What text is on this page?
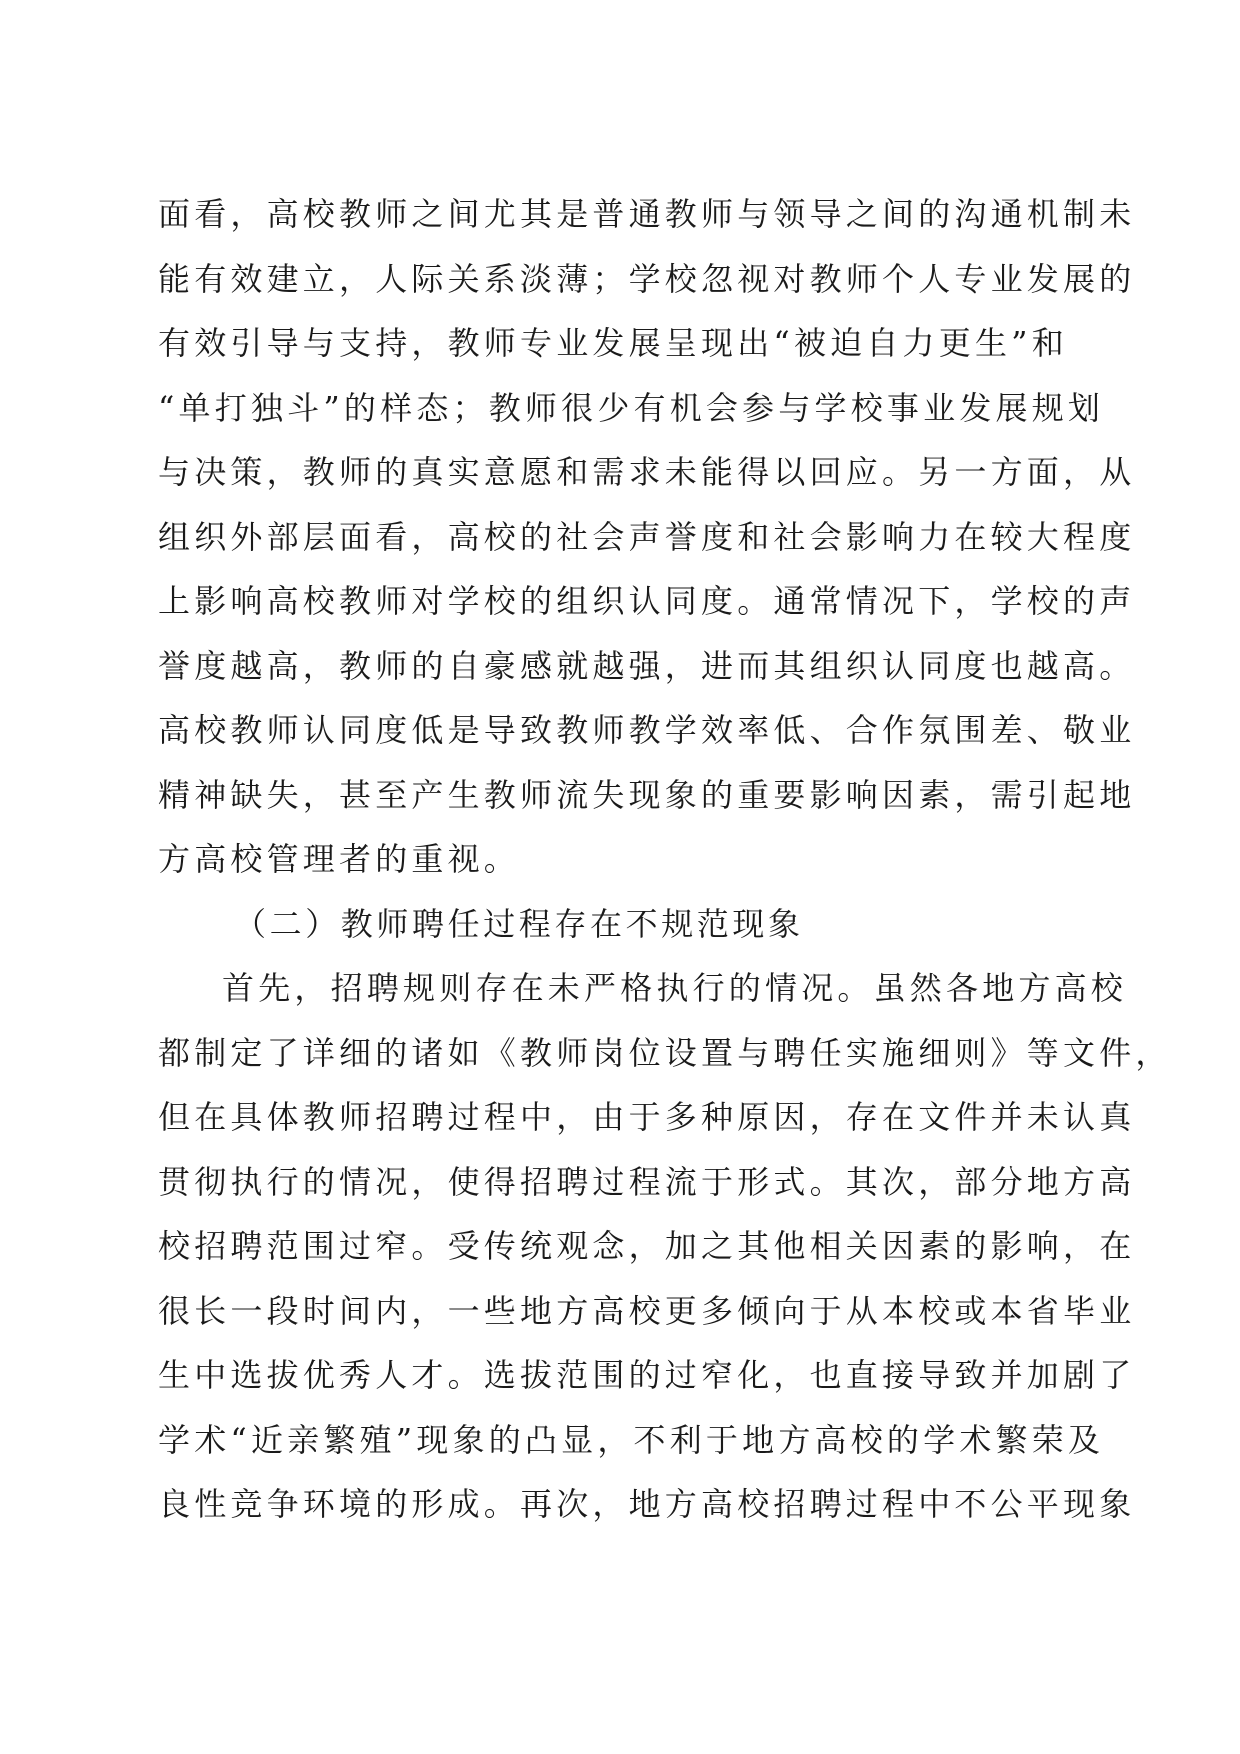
面看，高校教师之间尤其是普通教师与领导之间的沟通机制未
能有效建立，人际关系淡薄；学校忽视对教师个人专业发展的
有效引导与支持，教师专业发展呈现出“被迫自力更生”和
“单打独斗”的样态；教师很少有机会参与学校事业发展规划
与决策，教师的真实意愿和需求未能得以回应。另一方面，从
组织外部层面看，高校的社会声誉度和社会影响力在较大程度
上影响高校教师对学校的组织认同度。通常情况下，学校的声
誉度越高，教师的自豪感就越强，进而其组织认同度也越高。
高校教师认同度低是导致教师教学效率低、合作氛围差、敬业
精神缺失，甚至产生教师流失现象的重要影响因素，需引起地
方高校管理者的重视。
（二）教师聘任过程存在不规范现象
首先，招聘规则存在未严格执行的情况。虽然各地方高校
都制定了详细的诸如《教师岗位设置与聘任实施细则》等文件，
但在具体教师招聘过程中，由于多种原因，存在文件并未认真
贯彻执行的情况，使得招聘过程流于形式。其次，部分地方高
校招聘范围过窄。受传统观念，加之其他相关因素的影响，在
很长一段时间内，一些地方高校更多倾向于从本校或本省毕业
生中选拔优秀人才。选拔范围的过窄化，也直接导致并加剧了
学术“近亲繁殖”现象的凸显，不利于地方高校的学术繁荣及
良性竞争环境的形成。再次，地方高校招聘过程中不公平现象
